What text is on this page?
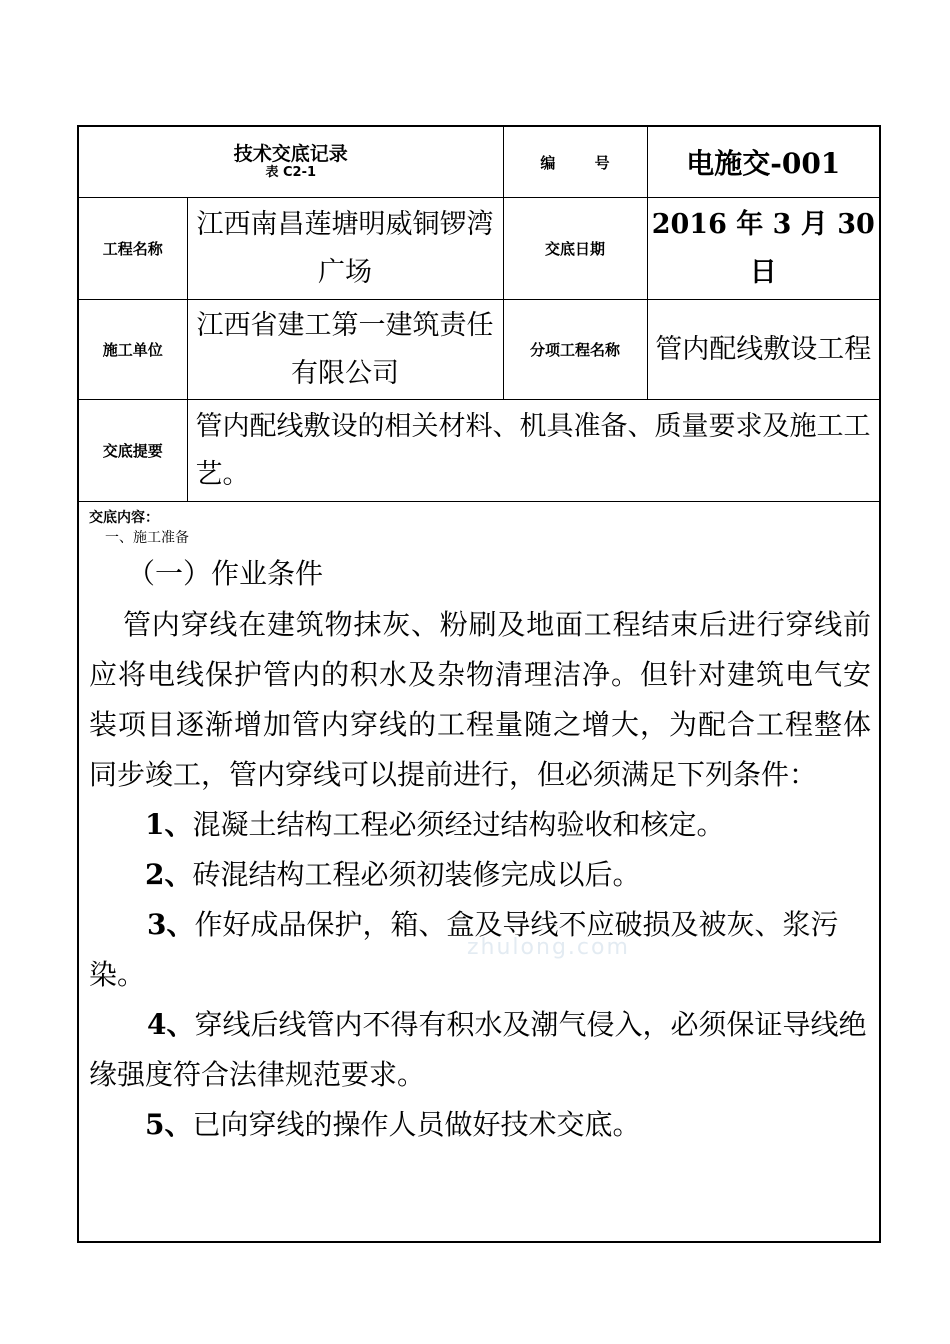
zhulong.com
技术交底记录
表 C2-1		编 号	电施交-001
工程名称	江西南昌莲塘明威铜锣湾广场	交底日期	2016 年 3 月 30 日
施工单位	江西省建工第一建筑责任有限公司	分项工程名称	管内配线敷设工程
交底提要	管内配线敷设的相关材料、机具准备、质量要求及施工工艺。		
交底内容：
一、施工准备
（一）作业条件

管内穿线在建筑物抹灰、粉刷及地面工程结束后进行穿线前应将电线保护管内的积水及杂物清理洁净。但针对建筑电气安装项目逐渐增加管内穿线的工程量随之增大，为配合工程整体同步竣工，管内穿线可以提前进行，但必须满足下列条件：

1、混凝土结构工程必须经过结构验收和核定。

2、砖混结构工程必须初装修完成以后。

3、作好成品保护，箱、盒及导线不应破损及被灰、浆污染。

4、穿线后线管内不得有积水及潮气侵入，必须保证导线绝缘强度符合法律规范要求。

5、已向穿线的操作人员做好技术交底。
